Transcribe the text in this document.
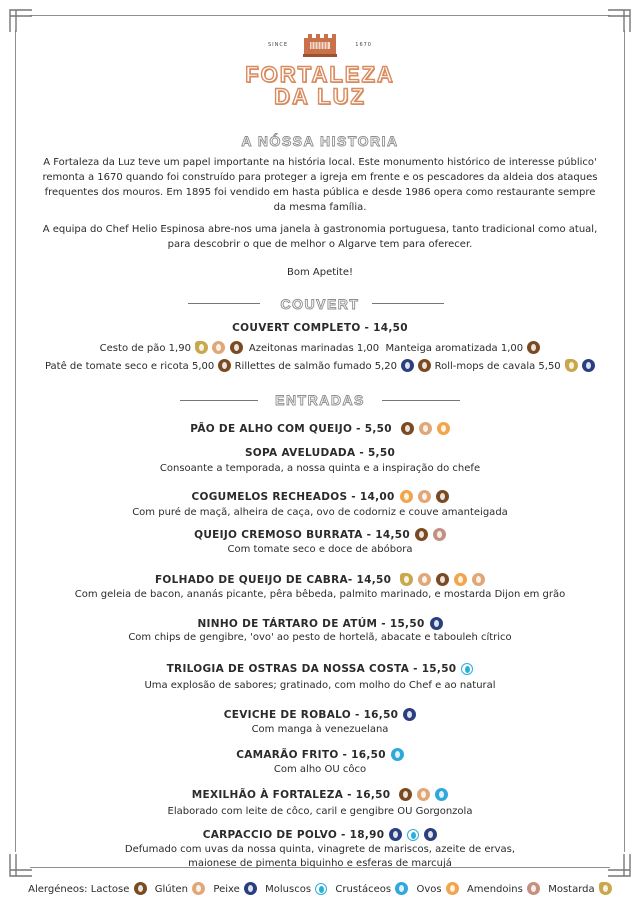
SINCE	1670
FORTALEZA
DA LUZ
A NÓSSA HISTORIA
A Fortaleza da Luz teve um papel importante na história local. Este monumento histórico de interesse público' remonta a 1670 quando foi construído para proteger a igreja em frente e os pescadores da aldeia dos ataques frequentes dos mouros. Em 1895 foi vendido em hasta pública e desde 1986 opera como restaurante sempre da mesma família.
A equipa do Chef Helio Espinosa abre-nos uma janela à gastronomia portuguesa, tanto tradicional como atual, para descobrir o que de melhor o Algarve tem para oferecer.
Bom Apetite!
COUVERT
COUVERT COMPLETO - 14,50
Cesto de pão 1,90	Azeitonas marinadas 1,00 Manteiga aromatizada 1,00
Patê de tomate seco e ricota 5,00 Rillettes de salmão fumado 5,20	Roll-mops de cavala 5,50
ENTRADAS
PÃO DE ALHO COM QUEIJO - 5,50
SOPA AVELUDADA - 5,50
Consoante a temporada, a nossa quinta e a inspiração do chefe
COGUMELOS RECHEADOS - 14,00
Com puré de maçã, alheira de caça, ovo de codorniz e couve amanteigada
QUEIJO CREMOSO BURRATA - 14,50
Com tomate seco e doce de abóbora
FOLHADO DE QUEIJO DE CABRA- 14,50
Com geleia de bacon, ananás picante, pêra bêbeda, palmito marinado, e mostarda Dijon em grão
NINHO DE TÁRTARO DE ATÚM - 15,50
Com chips de gengibre, 'ovo' ao pesto de hortelã, abacate e tabouleh cítrico
TRILOGIA DE OSTRAS DA NOSSA COSTA - 15,50
Uma explosão de sabores; gratinado, com molho do Chef e ao natural
CEVICHE DE ROBALO - 16,50
Com manga à venezuelana
CAMARÃO FRITO - 16,50
Com alho OU côco
MEXILHÃO À FORTALEZA - 16,50
Elaborado com leite de côco, caril e gengibre OU Gorgonzola
CARPACCIO DE POLVO - 18,90
Defumado com uvas da nossa quinta, vinagrete de mariscos, azeite de ervas,
maionese de pimenta biquinho e esferas de marcujá
Alergéneos: Lactose	Glúten	Peixe	Moluscos Crustáceos	Ovos	Amendoins	Mostarda
